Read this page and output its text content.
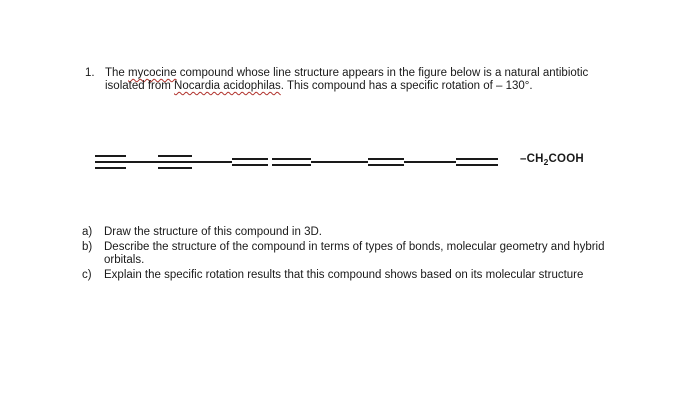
1. The mycocine compound whose line structure appears in the figure below is a natural antibiotic isolated from Nocardia acidophilas. This compound has a specific rotation of – 130°.
$-CH_2COOH$
a)	Draw the structure of this compound in 3D.
b)	Describe the structure of the compound in terms of types of bonds, molecular geometry and hybrid orbitals.
c)	Explain the specific rotation results that this compound shows based on its molecular structure
